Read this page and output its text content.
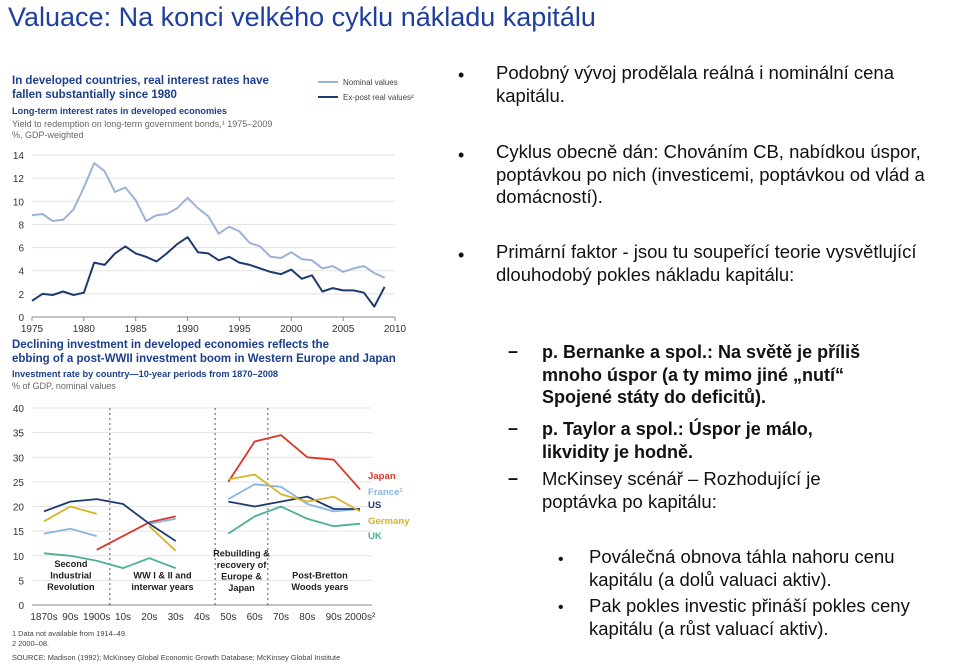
Valuace: Na konci velkého cyklu nákladu kapitálu
In developed countries, real interest rates have
fallen substantially since 1980
Long-term interest rates in developed economies
Yield to redemption on long-term government bonds,¹ 1975–2009
%, GDP-weighted
Nominal values
Ex-post real values²
0
2
4
6
8
10
12
14
1975	1980	1985	1990	1995	2000	2005	2010
Declining investment in developed economies reflects the
ebbing of a post-WWII investment boom in Western Europe and Japan
Investment rate by country—10-year periods from 1870–2008
% of GDP, nominal values
Second Industrial Revolution
WW I & II and interwar years
Rebuilding & recovery of Europe & Japan
Post-Bretton Woods years
0
5
10
15
20
25
30
35
40
1870s 90s 1900s 10s 20s 30s 40s 50s 60s 70s 80s 90s 2000s²
Japan
France¹
US
Germany
UK
1 Data not available from 1914–49.
2 2000–08.
SOURCE: Madison (1992); McKinsey Global Economic Growth Database; McKinsey Global Institute
• Podobný vývoj prodělala reálná i nominální cena kapitálu.
• Cyklus obecně dán: Chováním CB, nabídkou úspor, poptávkou po nich (investicemi, poptávkou od vlád a domácností).
• Primární faktor - jsou tu soupeřící teorie vysvětlující dlouhodobý pokles nákladu kapitálu:
– p. Bernanke a spol.: Na světě je příliš mnoho úspor (a ty mimo jiné „nutí“ Spojené státy do deficitů).
– p. Taylor a spol.: Úspor je málo, likvidity je hodně.
– McKinsey scénář – Rozhodující je poptávka po kapitálu:
• Poválečná obnova táhla nahoru cenu kapitálu (a dolů valuaci aktiv).
• Pak pokles investic přináší pokles ceny kapitálu (a růst valuací aktiv).
